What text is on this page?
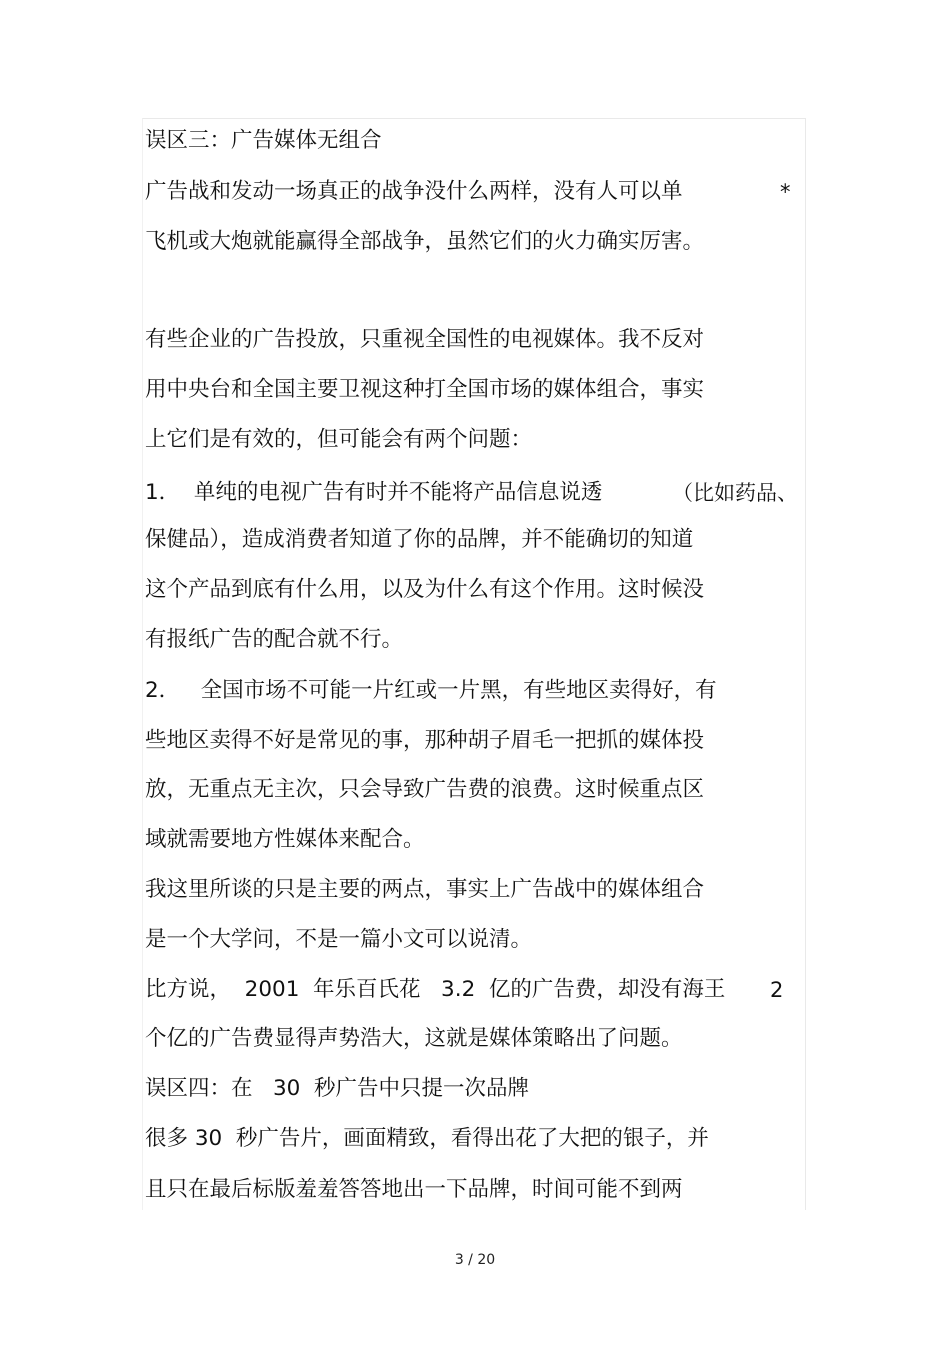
误区三：广告媒体无组合
广告战和发动一场真正的战争没什么两样，没有人可以单	*
飞机或大炮就能赢得全部战争，虽然它们的火力确实厉害。
有些企业的广告投放，只重视全国性的电视媒体。我不反对
用中央台和全国主要卫视这种打全国市场的媒体组合，事实
上它们是有效的，但可能会有两个问题：
1．  单纯的电视广告有时并不能将产品信息说透	（比如药品、
保健品），造成消费者知道了你的品牌，并不能确切的知道
这个产品到底有什么用，以及为什么有这个作用。这时候没
有报纸广告的配合就不行。
2．   全国市场不可能一片红或一片黑，有些地区卖得好，有
些地区卖得不好是常见的事，那种胡子眉毛一把抓的媒体投
放，无重点无主次，只会导致广告费的浪费。这时候重点区
域就需要地方性媒体来配合。
我这里所谈的只是主要的两点，事实上广告战中的媒体组合
是一个大学问，不是一篇小文可以说清。
比方说，  2001  年乐百氏花   3.2  亿的广告费，却没有海王 2
个亿的广告费显得声势浩大，这就是媒体策略出了问题。
误区四：在   30  秒广告中只提一次品牌
很多 30  秒广告片，画面精致，看得出花了大把的银子，并
且只在最后标版羞羞答答地出一下品牌，时间可能不到两
3 / 20
